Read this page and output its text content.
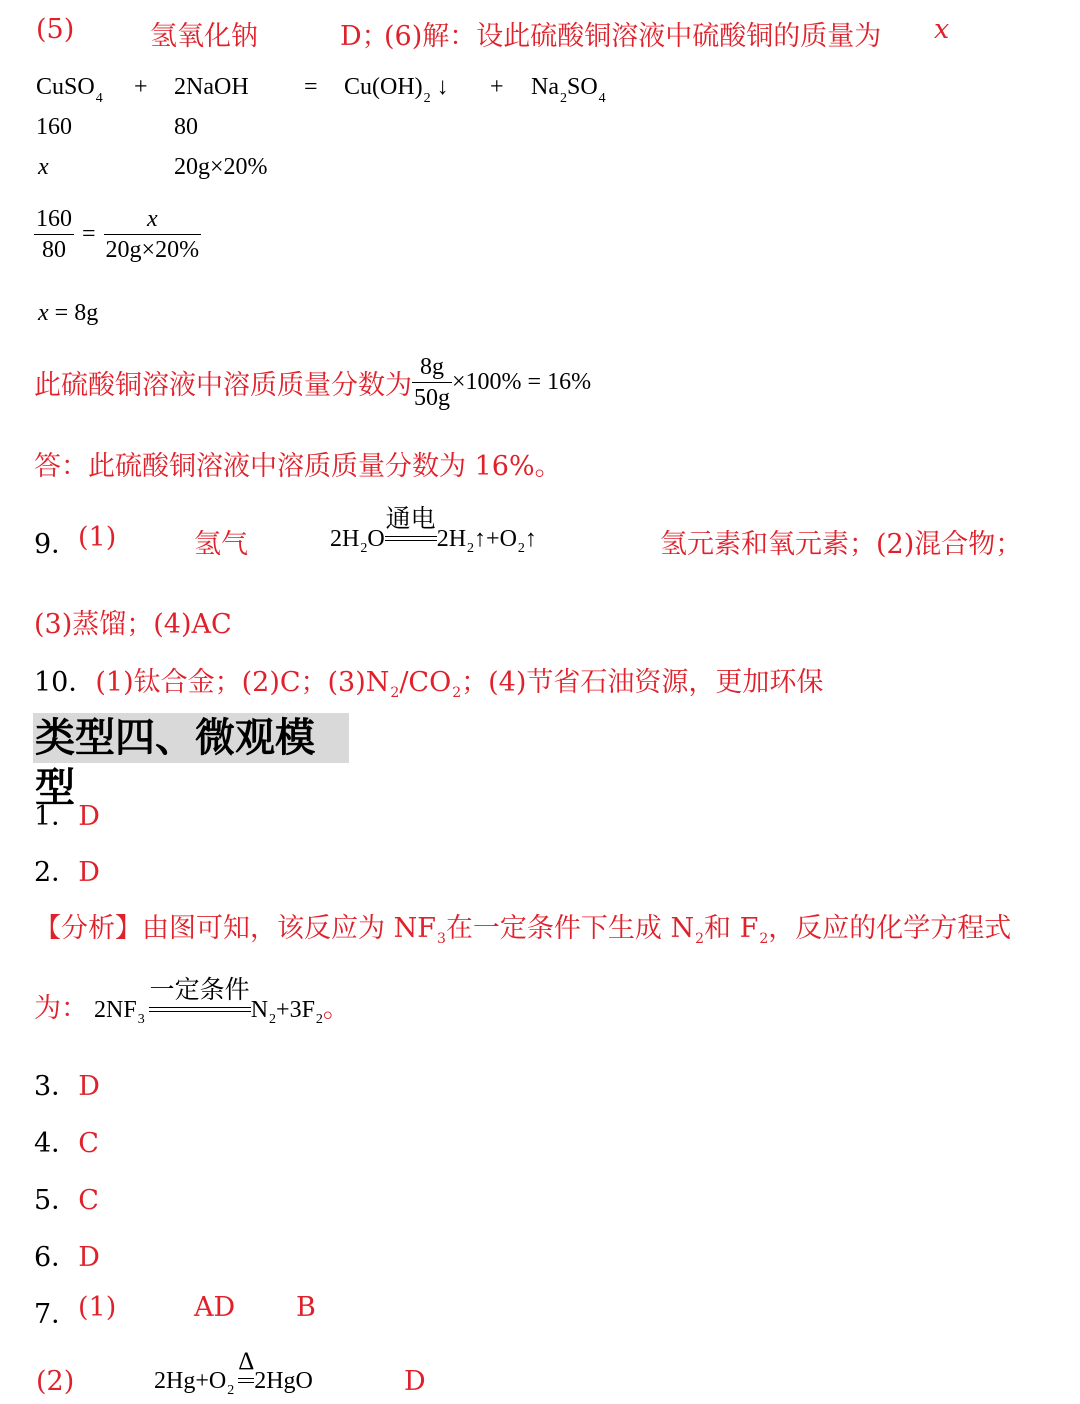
(5)	氢氧化钠	D；
(6)解：设此硫酸铜溶液中硫酸铜的质量为 x
CuSO$_4$ + 2NaOH = $Cu(OH)_2$ ↓ + $Na_2SO_4$
160	80
x	20g×20%
$\frac{160}{80} = \frac{x}{20g\times 20\%}$
x = 8g
此硫酸铜溶液中溶质质量分数为 $\frac{8g}{50g} \times 100\% = 16\%$
答：此硫酸铜溶液中溶质质量分数为 16%。
9． (1)	氢气	$2H_2O$
通电
$2H_2↑+O_2↑$	氢元素和氧元素；(2)混合物；
(3)蒸馏；(4)AC
10．(1)钛合金；(2)C；$(3)N_2/CO_2$；(4)节省石油资源，更加环保
类型四、微观模型
1．D
2．D
【分析】由图可知，该反应为 $NF_3$在一定条件下生成 $N_2$和 $F_2$，反应的化学方程式
为： $2NF_3$
一定条件
$N_2+3F_2$。
3．D
4．C
5．C
6．D
7． (1)	AD B
(2)	$2Hg+O_2$
Δ
2HgO	D
